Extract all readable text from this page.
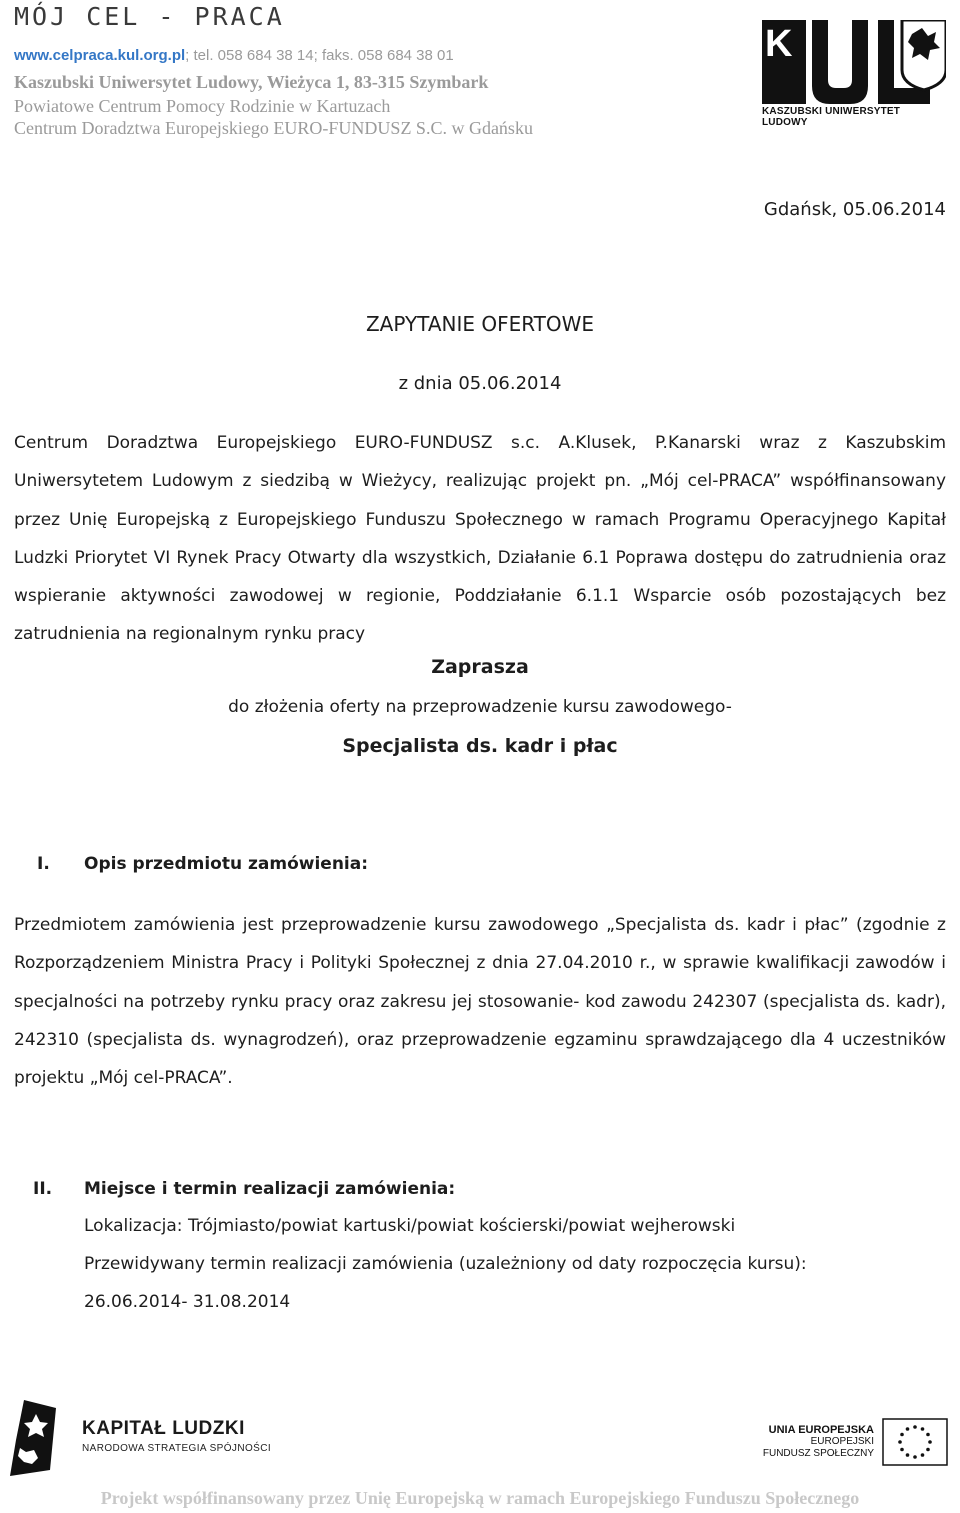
MÓJ CEL - PRACA
www.celpraca.kul.org.pl; tel. 058 684 38 14; faks. 058 684 38 01
Kaszubski Uniwersytet Ludowy, Wieżyca 1, 83-315 Szymbark
Powiatowe Centrum Pomocy Rodzinie w Kartuzach
Centrum Doradztwa Europejskiego EURO-FUNDUSZ S.C. w Gdańsku
K
KASZUBSKI UNIWERSYTET LUDOWY
Gdańsk, 05.06.2014
ZAPYTANIE OFERTOWE
z dnia 05.06.2014

Centrum Doradztwa Europejskiego EURO-FUNDUSZ s.c. A.Klusek, P.Kanarski wraz z Kaszubskim Uniwersytetem Ludowym z siedzibą w Wieżycy, realizując projekt pn. „Mój cel-PRACA” współfinansowany przez Unię Europejską z Europejskiego Funduszu Społecznego w ramach Programu Operacyjnego Kapitał Ludzki Priorytet VI Rynek Pracy Otwarty dla wszystkich, Działanie 6.1 Poprawa dostępu do zatrudnienia oraz wspieranie aktywności zawodowej w regionie, Poddziałanie 6.1.1 Wsparcie osób pozostających bez zatrudnienia na regionalnym rynku pracy

Zaprasza
do złożenia oferty na przeprowadzenie kursu zawodowego-
Specjalista ds. kadr i płac
I. Opis przedmiotu zamówienia:

Przedmiotem zamówienia jest przeprowadzenie kursu zawodowego „Specjalista ds. kadr i płac” (zgodnie z Rozporządzeniem Ministra Pracy i Polityki Społecznej z dnia 27.04.2010 r., w sprawie kwalifikacji zawodów i specjalności na potrzeby rynku pracy oraz zakresu jej stosowanie- kod zawodu 242307 (specjalista ds. kadr), 242310 (specjalista ds. wynagrodzeń), oraz przeprowadzenie egzaminu sprawdzającego dla 4 uczestników projektu „Mój cel-PRACA”.

II. Miejsce i termin realizacji zamówienia:
Lokalizacja: Trójmiasto/powiat kartuski/powiat kościerski/powiat wejherowski
Przewidywany termin realizacji zamówienia (uzależniony od daty rozpoczęcia kursu):
26.06.2014- 31.08.2014
KAPITAŁ LUDZKI
NARODOWA STRATEGIA SPÓJNOŚCI
UNIA EUROPEJSKA
EUROPEJSKI
FUNDUSZ SPOŁECZNY
Projekt współfinansowany przez Unię Europejską w ramach Europejskiego Funduszu Społecznego
